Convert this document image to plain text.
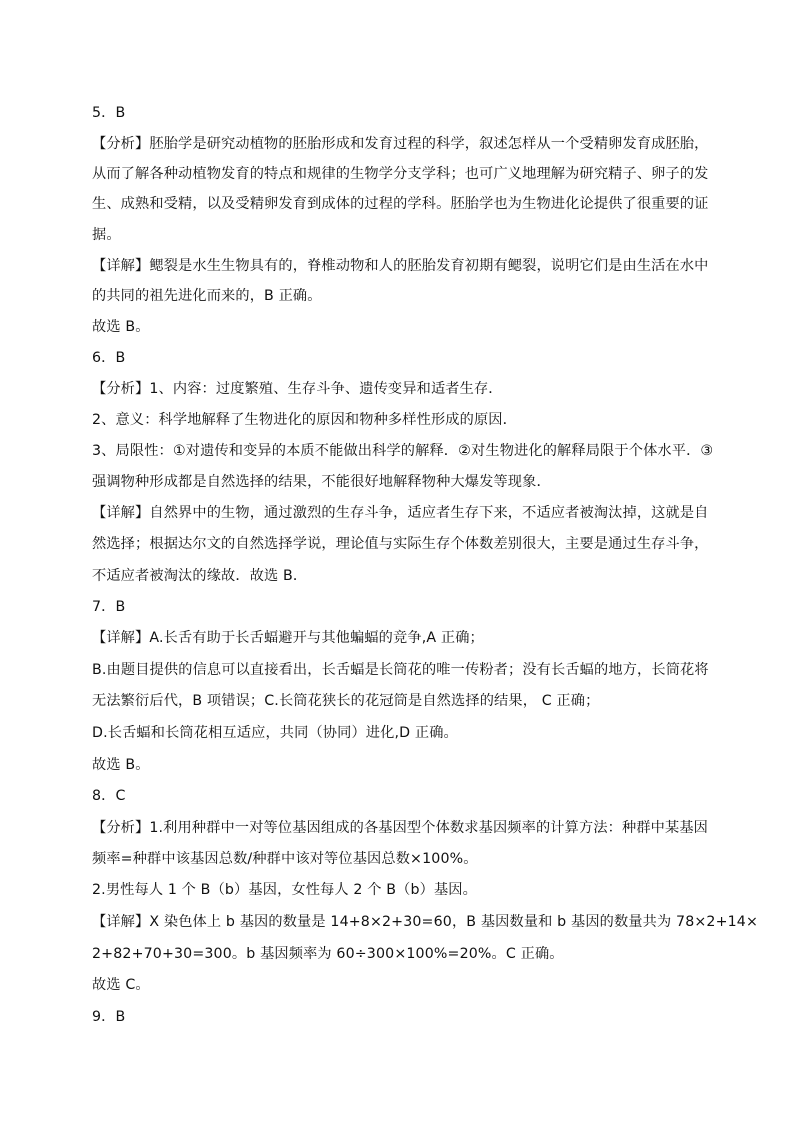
5．B
【分析】胚胎学是研究动植物的胚胎形成和发育过程的科学，叙述怎样从一个受精卵发育成胚胎，
从而了解各种动植物发育的特点和规律的生物学分支学科；也可广义地理解为研究精子、卵子的发
生、成熟和受精，以及受精卵发育到成体的过程的学科。胚胎学也为生物进化论提供了很重要的证
据。
【详解】鳃裂是水生生物具有的，脊椎动物和人的胚胎发育初期有鳃裂，说明它们是由生活在水中
的共同的祖先进化而来的，B 正确。
故选 B。
6．B
【分析】1、内容：过度繁殖、生存斗争、遗传变异和适者生存．
2、意义：科学地解释了生物进化的原因和物种多样性形成的原因．
3、局限性：①对遗传和变异的本质不能做出科学的解释．②对生物进化的解释局限于个体水平．③
强调物种形成都是自然选择的结果，不能很好地解释物种大爆发等现象．
【详解】自然界中的生物，通过激烈的生存斗争，适应者生存下来，不适应者被淘汰掉，这就是自
然选择；根据达尔文的自然选择学说，理论值与实际生存个体数差别很大，主要是通过生存斗争，
不适应者被淘汰的缘故．故选 B．
7．B
【详解】A.长舌有助于长舌蝠避开与其他蝙蝠的竞争,A 正确；
B.由题目提供的信息可以直接看出，长舌蝠是长筒花的唯一传粉者；没有长舌蝠的地方，长筒花将
无法繁衍后代，B 项错误；C.长筒花狭长的花冠筒是自然选择的结果， C 正确；
D.长舌蝠和长筒花相互适应，共同（协同）进化,D 正确。
故选 B。
8．C
【分析】1.利用种群中一对等位基因组成的各基因型个体数求基因频率的计算方法：种群中某基因
频率=种群中该基因总数/种群中该对等位基因总数×100%。
2.男性每人 1 个 B（b）基因，女性每人 2 个 B（b）基因。
【详解】X 染色体上 b 基因的数量是 14+8×2+30=60，B 基因数量和 b 基因的数量共为 78×2+14×
2+82+70+30=300。b 基因频率为 60÷300×100%=20%。C 正确。
故选 C。
9．B
